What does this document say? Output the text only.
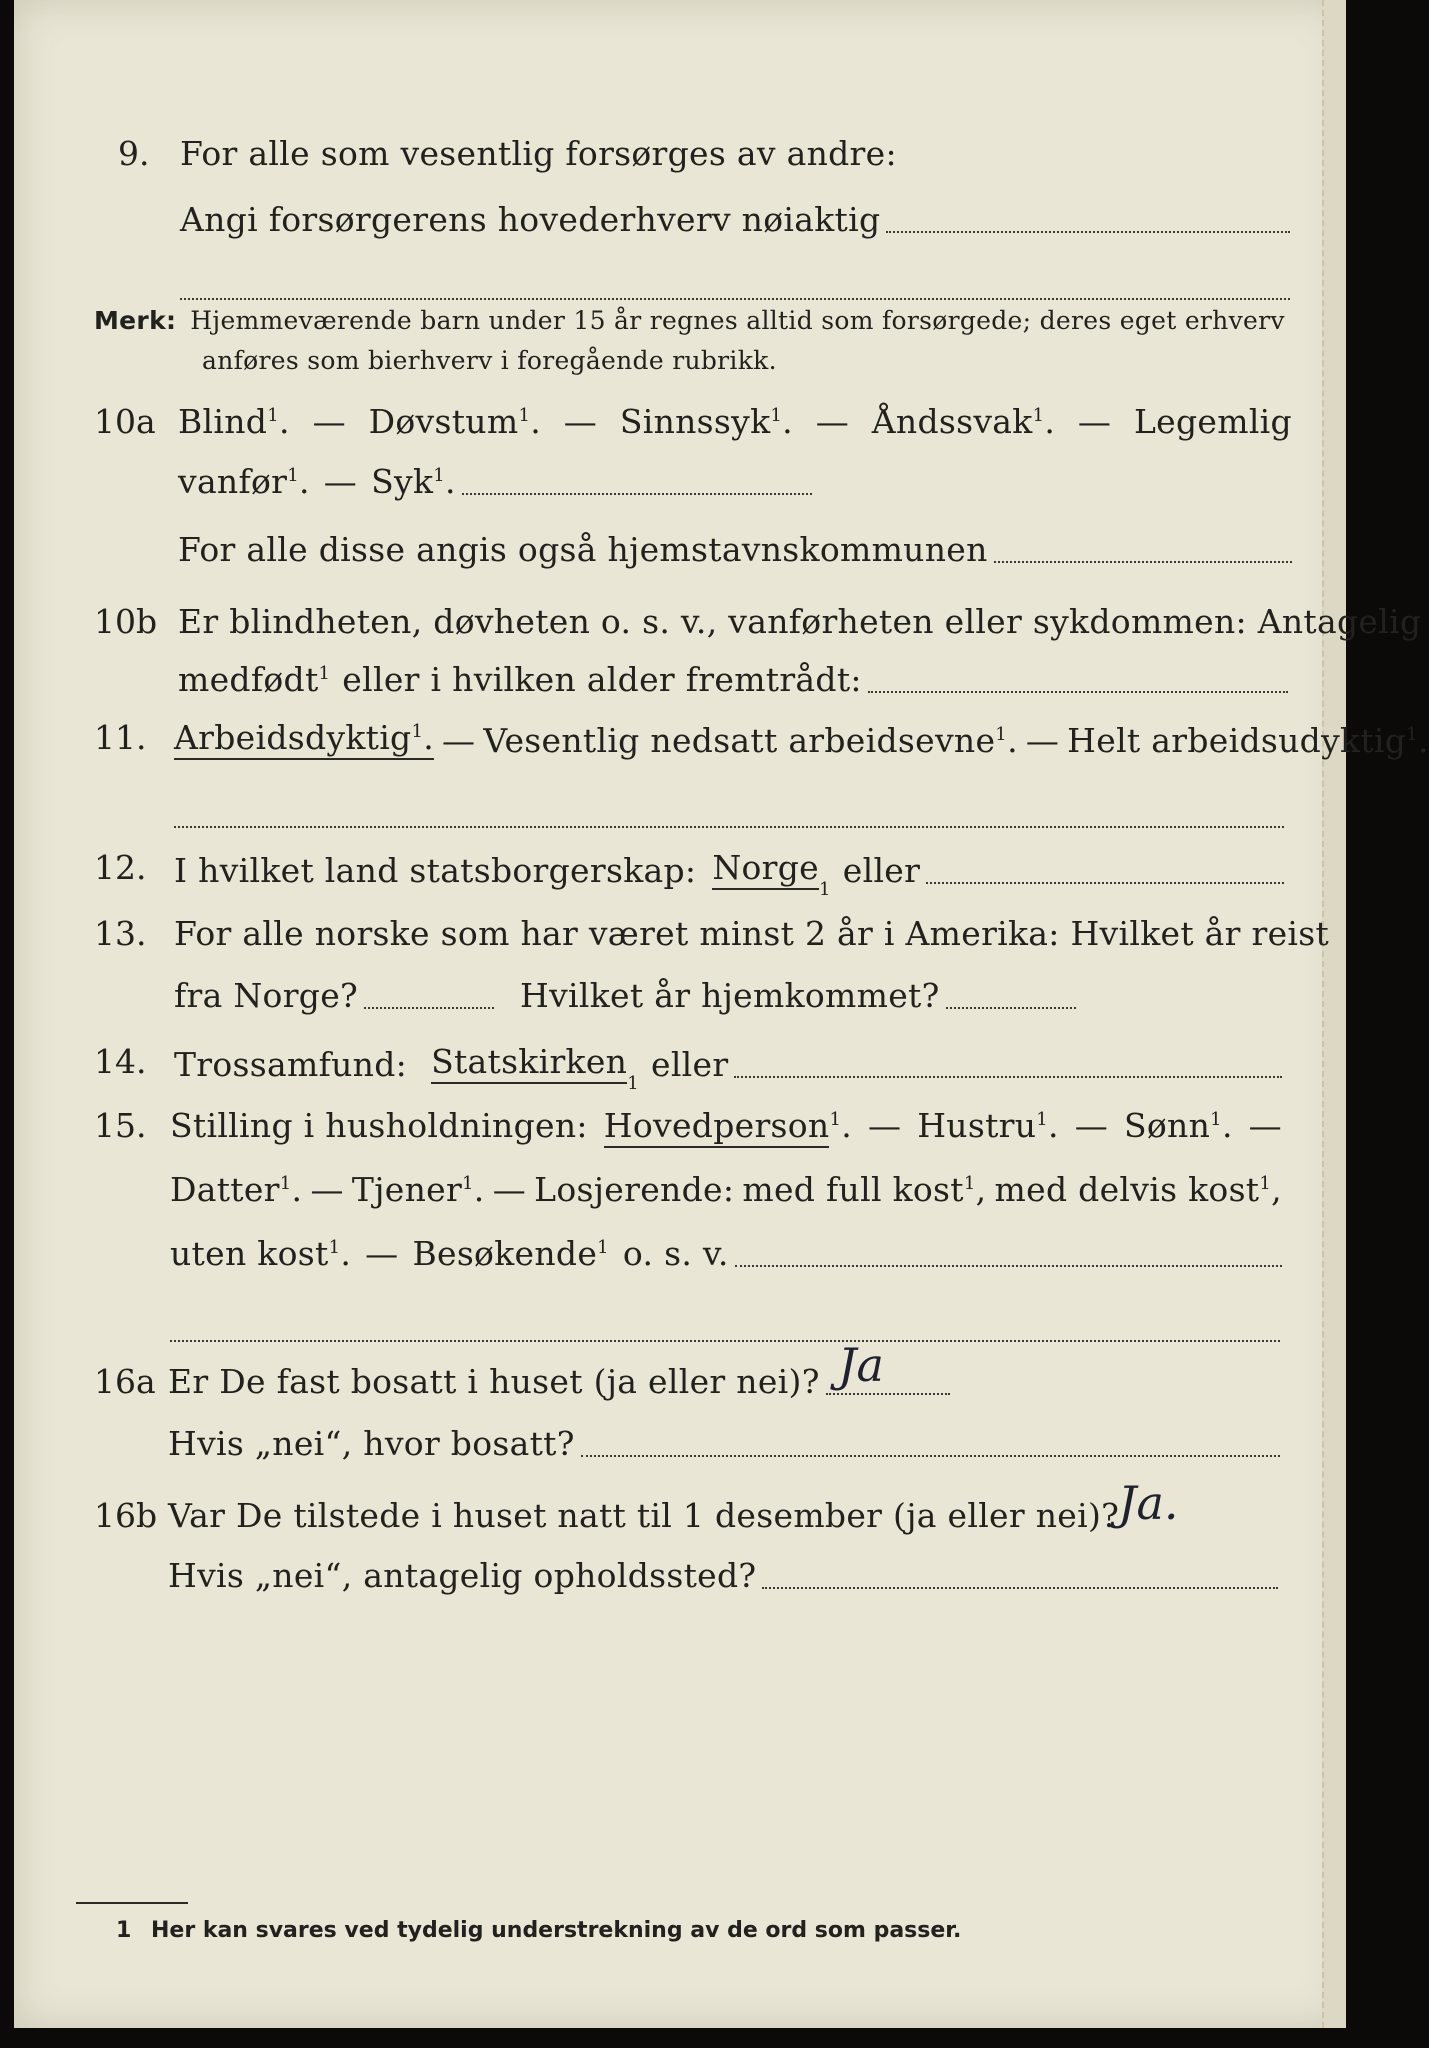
9. For alle som vesentlig forsørges av andre:
Angi forsørgerens hovederhverv nøiaktig
Merk: Hjemmeværende barn under 15 år regnes alltid som forsørgede; deres eget erhverv
anføres som bierhverv i foregående rubrikk.
10a Blind$^1$. — Døvstum$^1$. — Sinnssyk$^1$. — Åndssvak$^1$. — Legemlig
vanfør$^1$. — Syk$^1$.
For alle disse angis også hjemstavnskommunen
10b Er blindheten, døvheten o. s. v., vanførheten eller sykdommen: Antagelig
medfødt$^1$ eller i hvilken alder fremtrådt:
11. Arbeidsdyktig$^1$. — Vesentlig nedsatt arbeidsevne$^1$. — Helt arbeidsudyktig$^1$.
12. I hvilket land statsborgerskap: Norge
1 eller
13. For alle norske som har været minst 2 år i Amerika: Hvilket år reist
fra Norge?	Hvilket år hjemkommet?
14. Trossamfund: Statskirken
1 eller
15. Stilling i husholdningen: Hovedperson$^1$. — Hustru$^1$. — Sønn$^1$. —
Datter$^1$. — Tjener$^1$. — Losjerende: med full kost$^1$, med delvis kost$^1$,
uten kost$^1$. — Besøkende$^1$ o. s. v.
16a Er De fast bosatt i huset (ja eller nei)? Ja
Hvis „nei“, hvor bosatt?
16b Var De tilstede i huset natt til 1 desember (ja eller nei)?
Ja.
Hvis „nei“, antagelig opholdssted?
1 Her kan svares ved tydelig understrekning av de ord som passer.
